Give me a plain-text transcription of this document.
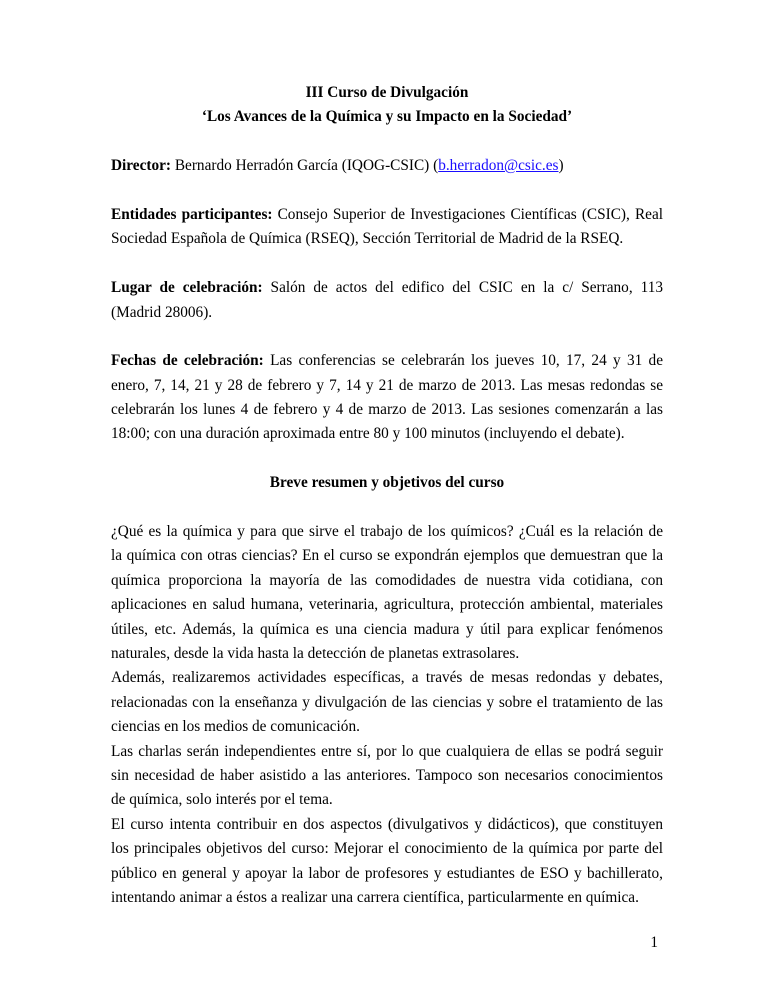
III Curso de Divulgación
‘Los Avances de la Química y su Impacto en la Sociedad’
Director: Bernardo Herradón García (IQOG-CSIC) (b.herradon@csic.es)
Entidades participantes: Consejo Superior de Investigaciones Científicas (CSIC), Real
Sociedad Española de Química (RSEQ), Sección Territorial de Madrid de la RSEQ.
Lugar de celebración: Salón de actos del edifico del CSIC en la c/ Serrano, 113
(Madrid 28006).
Fechas de celebración: Las conferencias se celebrarán los jueves 10, 17, 24 y 31 de
enero, 7, 14, 21 y 28 de febrero y 7, 14 y 21 de marzo de 2013. Las mesas redondas se
celebrarán los lunes 4 de febrero y 4 de marzo de 2013. Las sesiones comenzarán a las
18:00; con una duración aproximada entre 80 y 100 minutos (incluyendo el debate).
Breve resumen y objetivos del curso
¿Qué es la química y para que sirve el trabajo de los químicos? ¿Cuál es la relación de
la química con otras ciencias? En el curso se expondrán ejemplos que demuestran que la
química proporciona la mayoría de las comodidades de nuestra vida cotidiana, con
aplicaciones en salud humana, veterinaria, agricultura, protección ambiental, materiales
útiles, etc. Además, la química es una ciencia madura y útil para explicar fenómenos
naturales, desde la vida hasta la detección de planetas extrasolares.
Además, realizaremos actividades específicas, a través de mesas redondas y debates,
relacionadas con la enseñanza y divulgación de las ciencias y sobre el tratamiento de las
ciencias en los medios de comunicación.
Las charlas serán independientes entre sí, por lo que cualquiera de ellas se podrá seguir
sin necesidad de haber asistido a las anteriores. Tampoco son necesarios conocimientos
de química, solo interés por el tema.
El curso intenta contribuir en dos aspectos (divulgativos y didácticos), que constituyen
los principales objetivos del curso: Mejorar el conocimiento de la química por parte del
público en general y apoyar la labor de profesores y estudiantes de ESO y bachillerato,
intentando animar a éstos a realizar una carrera científica, particularmente en química.
1
